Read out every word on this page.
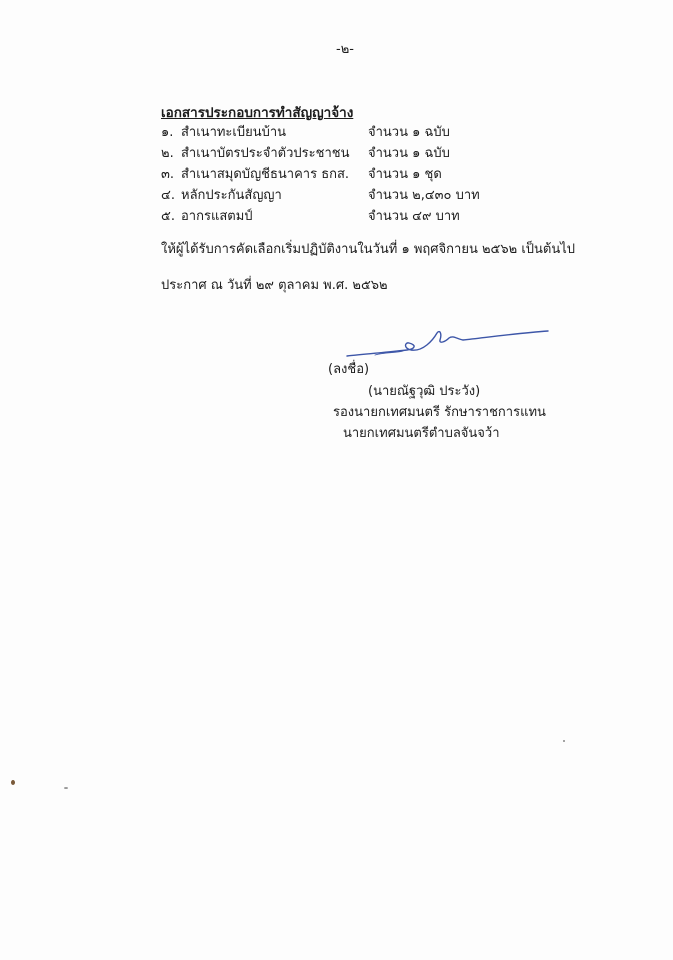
-๒-
เอกสารประกอบการทำสัญญาจ้าง
๑. สำเนาทะเบียนบ้าน	จำนวน ๑ ฉบับ
๒. สำเนาบัตรประจำตัวประชาชน จำนวน ๑ ฉบับ
๓. สำเนาสมุดบัญชีธนาคาร ธกส. จำนวน ๑ ชุด
๔. หลักประกันสัญญา	จำนวน ๒,๔๓๐ บาท
๕. อากรแสตมป์	จำนวน ๔๙ บาท
ให้ผู้ได้รับการคัดเลือกเริ่มปฏิบัติงานในวันที่ ๑ พฤศจิกายน ๒๕๖๒ เป็นต้นไป
ประกาศ ณ วันที่ ๒๙ ตุลาคม พ.ศ. ๒๕๖๒
(ลงชื่อ)
(นายณัฐวุฒิ ประวัง)
รองนายกเทศมนตรี รักษาราชการแทน
นายกเทศมนตรีตำบลจันจว้า
